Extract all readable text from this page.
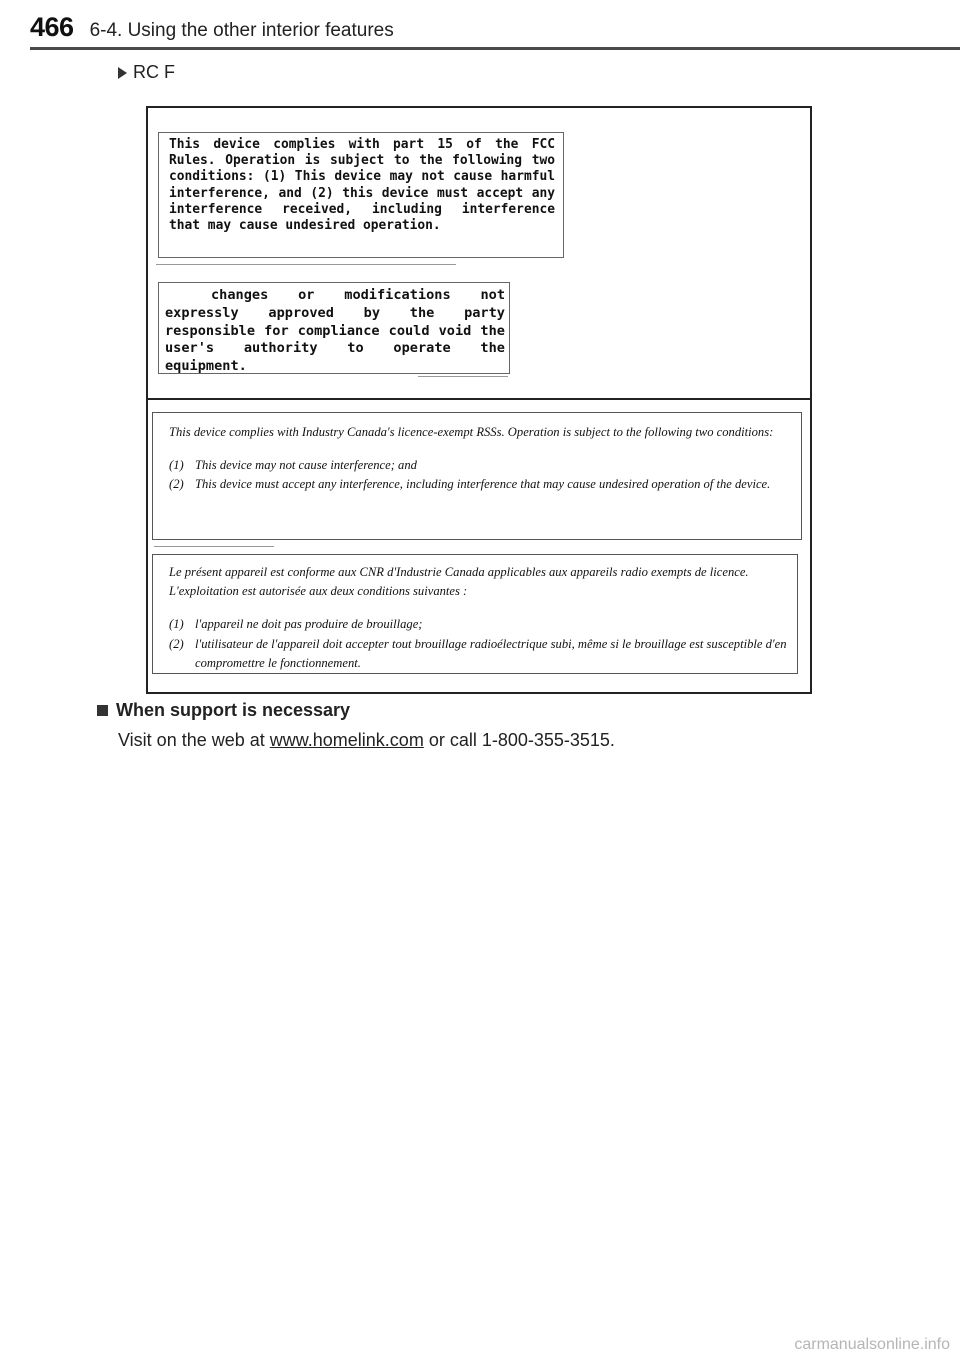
466 6-4. Using the other interior features
RC F
This device complies with part 15 of the FCC Rules. Operation is subject to the following two conditions: (1) This device may not cause harmful interference, and (2) this device must accept any interference received, including interference that may cause undesired operation.
changes or modifications not expressly approved by the party responsible for compliance could void the user's authority to operate the equipment.

This device complies with Industry Canada's licence-exempt RSSs. Operation is subject to the following two conditions:

(1) This device may not cause interference; and
(2) This device must accept any interference, including interference that may cause undesired operation of the device.

Le présent appareil est conforme aux CNR d'Industrie Canada applicables aux appareils radio exempts de licence. L'exploitation est autorisée aux deux conditions suivantes :

(1) l'appareil ne doit pas produire de brouillage;
(2) l'utilisateur de l'appareil doit accepter tout brouillage radioélectrique subi, même si le brouillage est susceptible d'en compromettre le fonctionnement.
When support is necessary
Visit on the web at www.homelink.com or call 1-800-355-3515.
carmanualsonline.info
